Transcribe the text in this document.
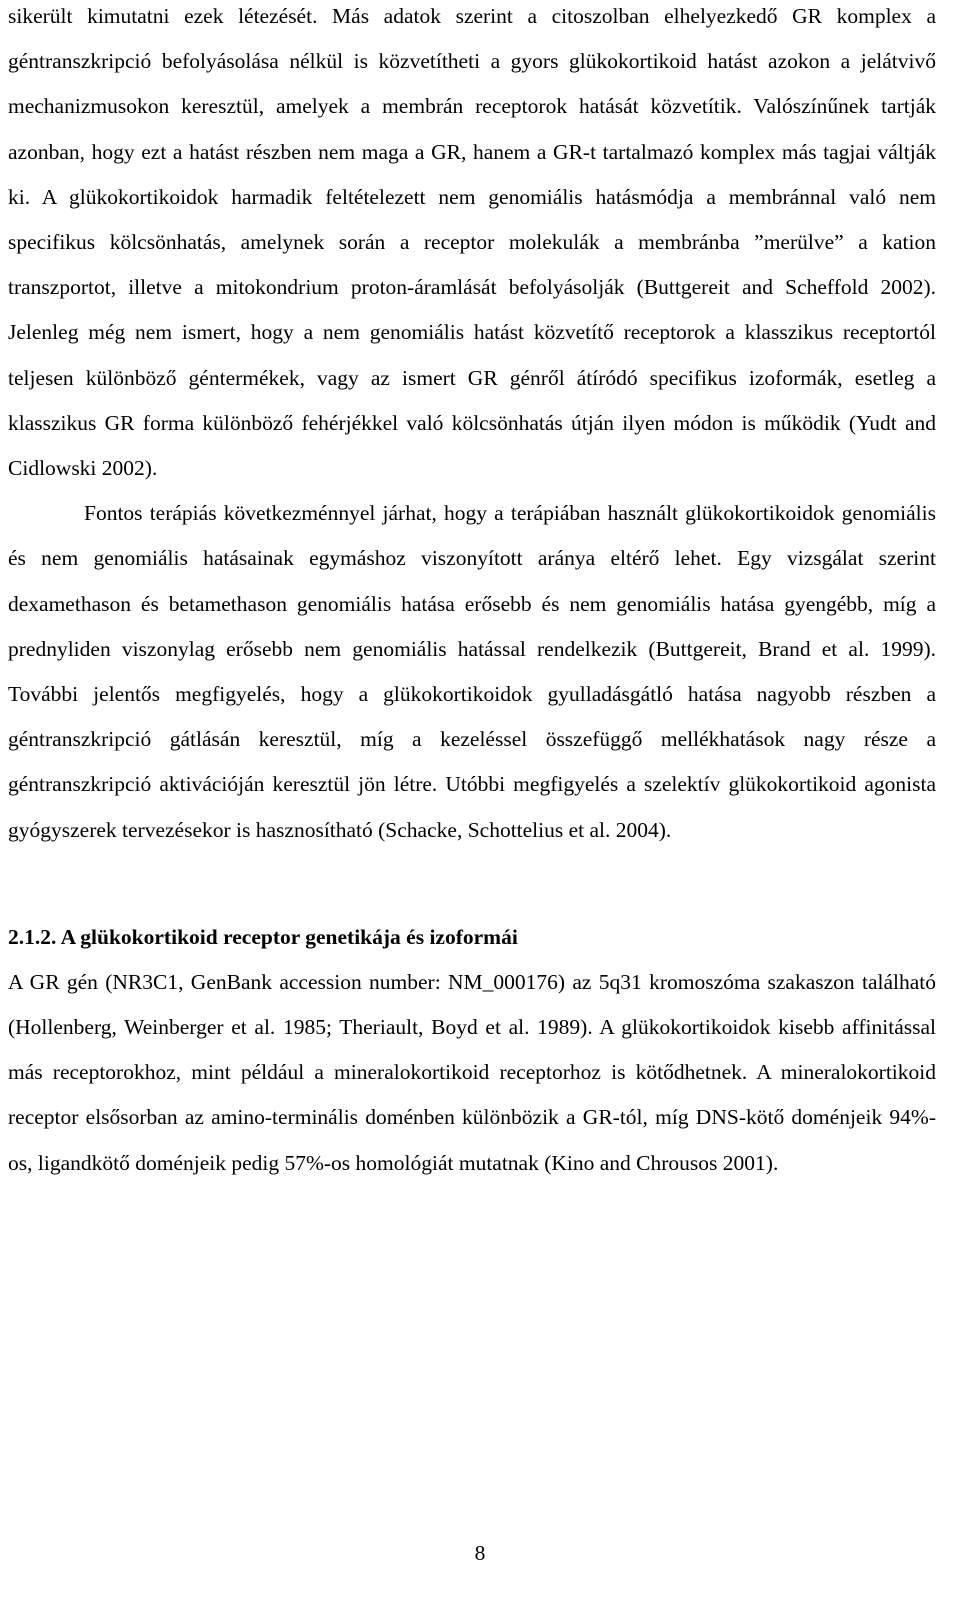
sikerült kimutatni ezek létezését. Más adatok szerint a citoszolban elhelyezkedő GR komplex a géntranszkripció befolyásolása nélkül is közvetítheti a gyors glükokortikoid hatást azokon a jelátvivő mechanizmusokon keresztül, amelyek a membrán receptorok hatását közvetítik. Valószínűnek tartják azonban, hogy ezt a hatást részben nem maga a GR, hanem a GR-t tartalmazó komplex más tagjai váltják ki. A glükokortikoidok harmadik feltételezett nem genomiális hatásmódja a membránnal való nem specifikus kölcsönhatás, amelynek során a receptor molekulák a membránba ”merülve” a kation transzportot, illetve a mitokondrium proton-áramlását befolyásolják (Buttgereit and Scheffold 2002). Jelenleg még nem ismert, hogy a nem genomiális hatást közvetítő receptorok a klasszikus receptortól teljesen különböző géntermékek, vagy az ismert GR génről átíródó specifikus izoformák, esetleg a klasszikus GR forma különböző fehérjékkel való kölcsönhatás útján ilyen módon is működik (Yudt and Cidlowski 2002).

Fontos terápiás következménnyel járhat, hogy a terápiában használt glükokortikoidok genomiális és nem genomiális hatásainak egymáshoz viszonyított aránya eltérő lehet. Egy vizsgálat szerint dexamethason és betamethason genomiális hatása erősebb és nem genomiális hatása gyengébb, míg a prednyliden viszonylag erősebb nem genomiális hatással rendelkezik (Buttgereit, Brand et al. 1999). További jelentős megfigyelés, hogy a glükokortikoidok gyulladásgátló hatása nagyobb részben a géntranszkripció gátlásán keresztül, míg a kezeléssel összefüggő mellékhatások nagy része a géntranszkripció aktivációján keresztül jön létre. Utóbbi megfigyelés a szelektív glükokortikoid agonista gyógyszerek tervezésekor is hasznosítható (Schacke, Schottelius et al. 2004).

2.1.2. A glükokortikoid receptor genetikája és izoformái

A GR gén (NR3C1, GenBank accession number: NM_000176) az 5q31 kromoszóma szakaszon található (Hollenberg, Weinberger et al. 1985; Theriault, Boyd et al. 1989). A glükokortikoidok kisebb affinitással más receptorokhoz, mint például a mineralokortikoid receptorhoz is kötődhetnek. A mineralokortikoid receptor elsősorban az amino-terminális doménben különbözik a GR-tól, míg DNS-kötő doménjeik 94%-os, ligandkötő doménjeik pedig 57%-os homológiát mutatnak (Kino and Chrousos 2001).

8
